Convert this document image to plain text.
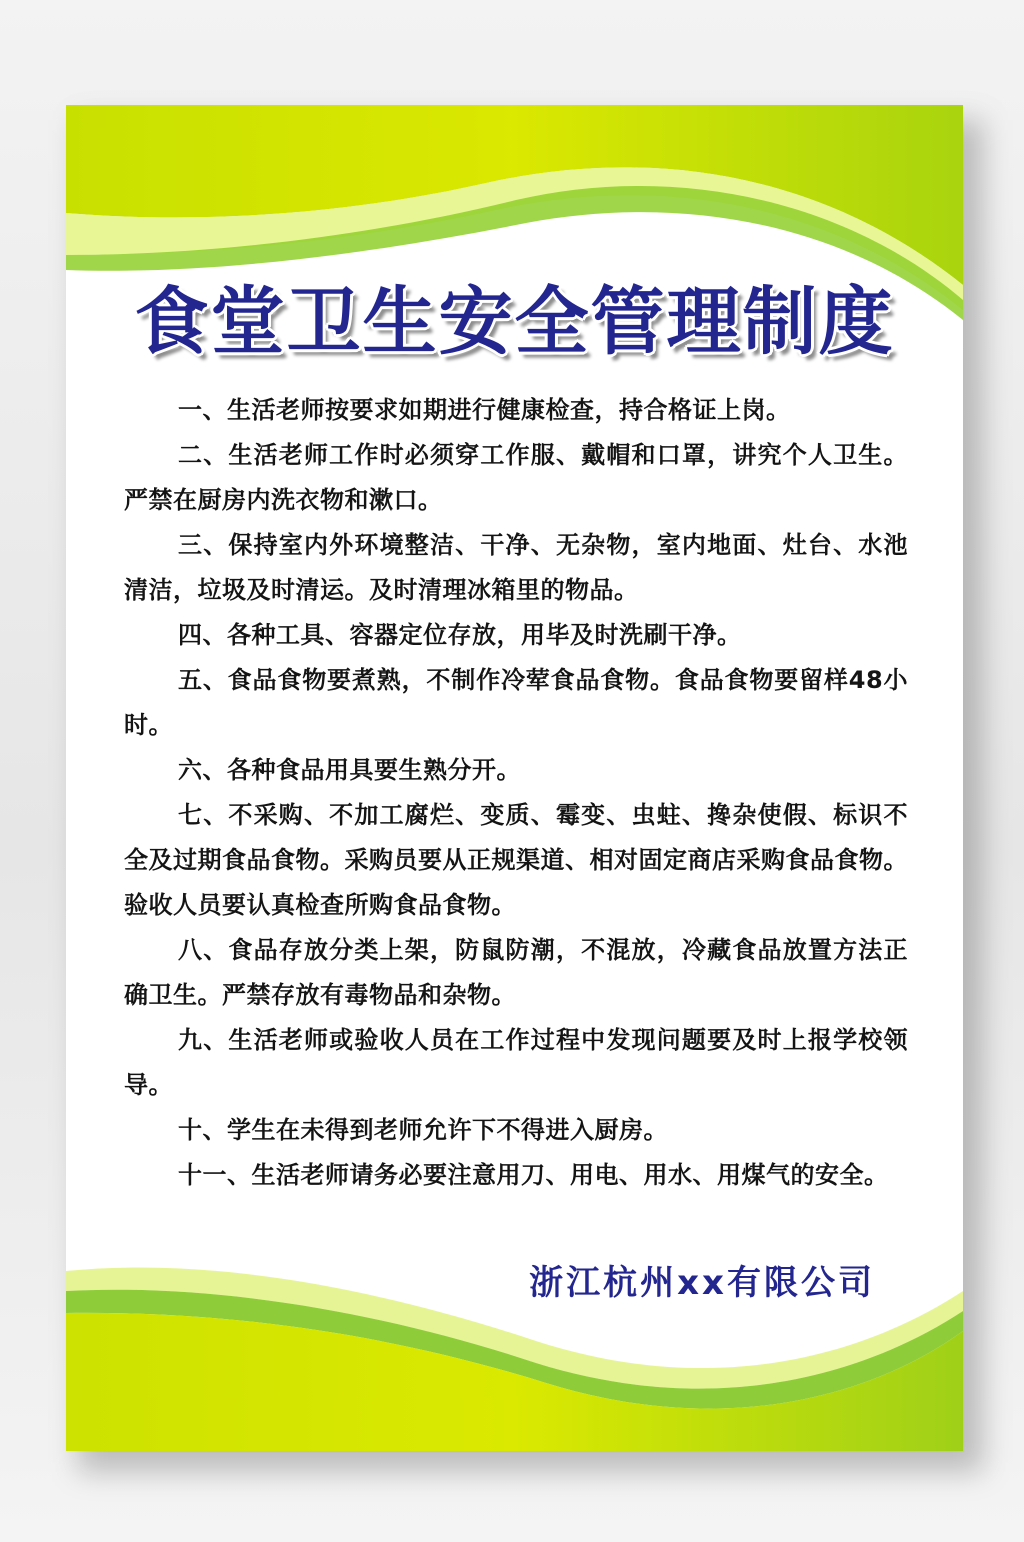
食堂卫生安全管理制度
一、生活老师按要求如期进行健康检查，持合格证上岗。
二、生活老师工作时必须穿工作服、戴帽和口罩，讲究个人卫生。严禁在厨房内洗衣物和漱口。
三、保持室内外环境整洁、干净、无杂物，室内地面、灶台、水池清洁，垃圾及时清运。及时清理冰箱里的物品。
四、各种工具、容器定位存放，用毕及时洗刷干净。
五、食品食物要煮熟，不制作冷荤食品食物。食品食物要留样48小时。
六、各种食品用具要生熟分开。
七、不采购、不加工腐烂、变质、霉变、虫蛀、搀杂使假、标识不全及过期食品食物。采购员要从正规渠道、相对固定商店采购食品食物。验收人员要认真检查所购食品食物。
八、食品存放分类上架，防鼠防潮，不混放，冷藏食品放置方法正确卫生。严禁存放有毒物品和杂物。
九、生活老师或验收人员在工作过程中发现问题要及时上报学校领导。
十、学生在未得到老师允许下不得进入厨房。
十一、生活老师请务必要注意用刀、用电、用水、用煤气的安全。
浙江杭州xx有限公司
